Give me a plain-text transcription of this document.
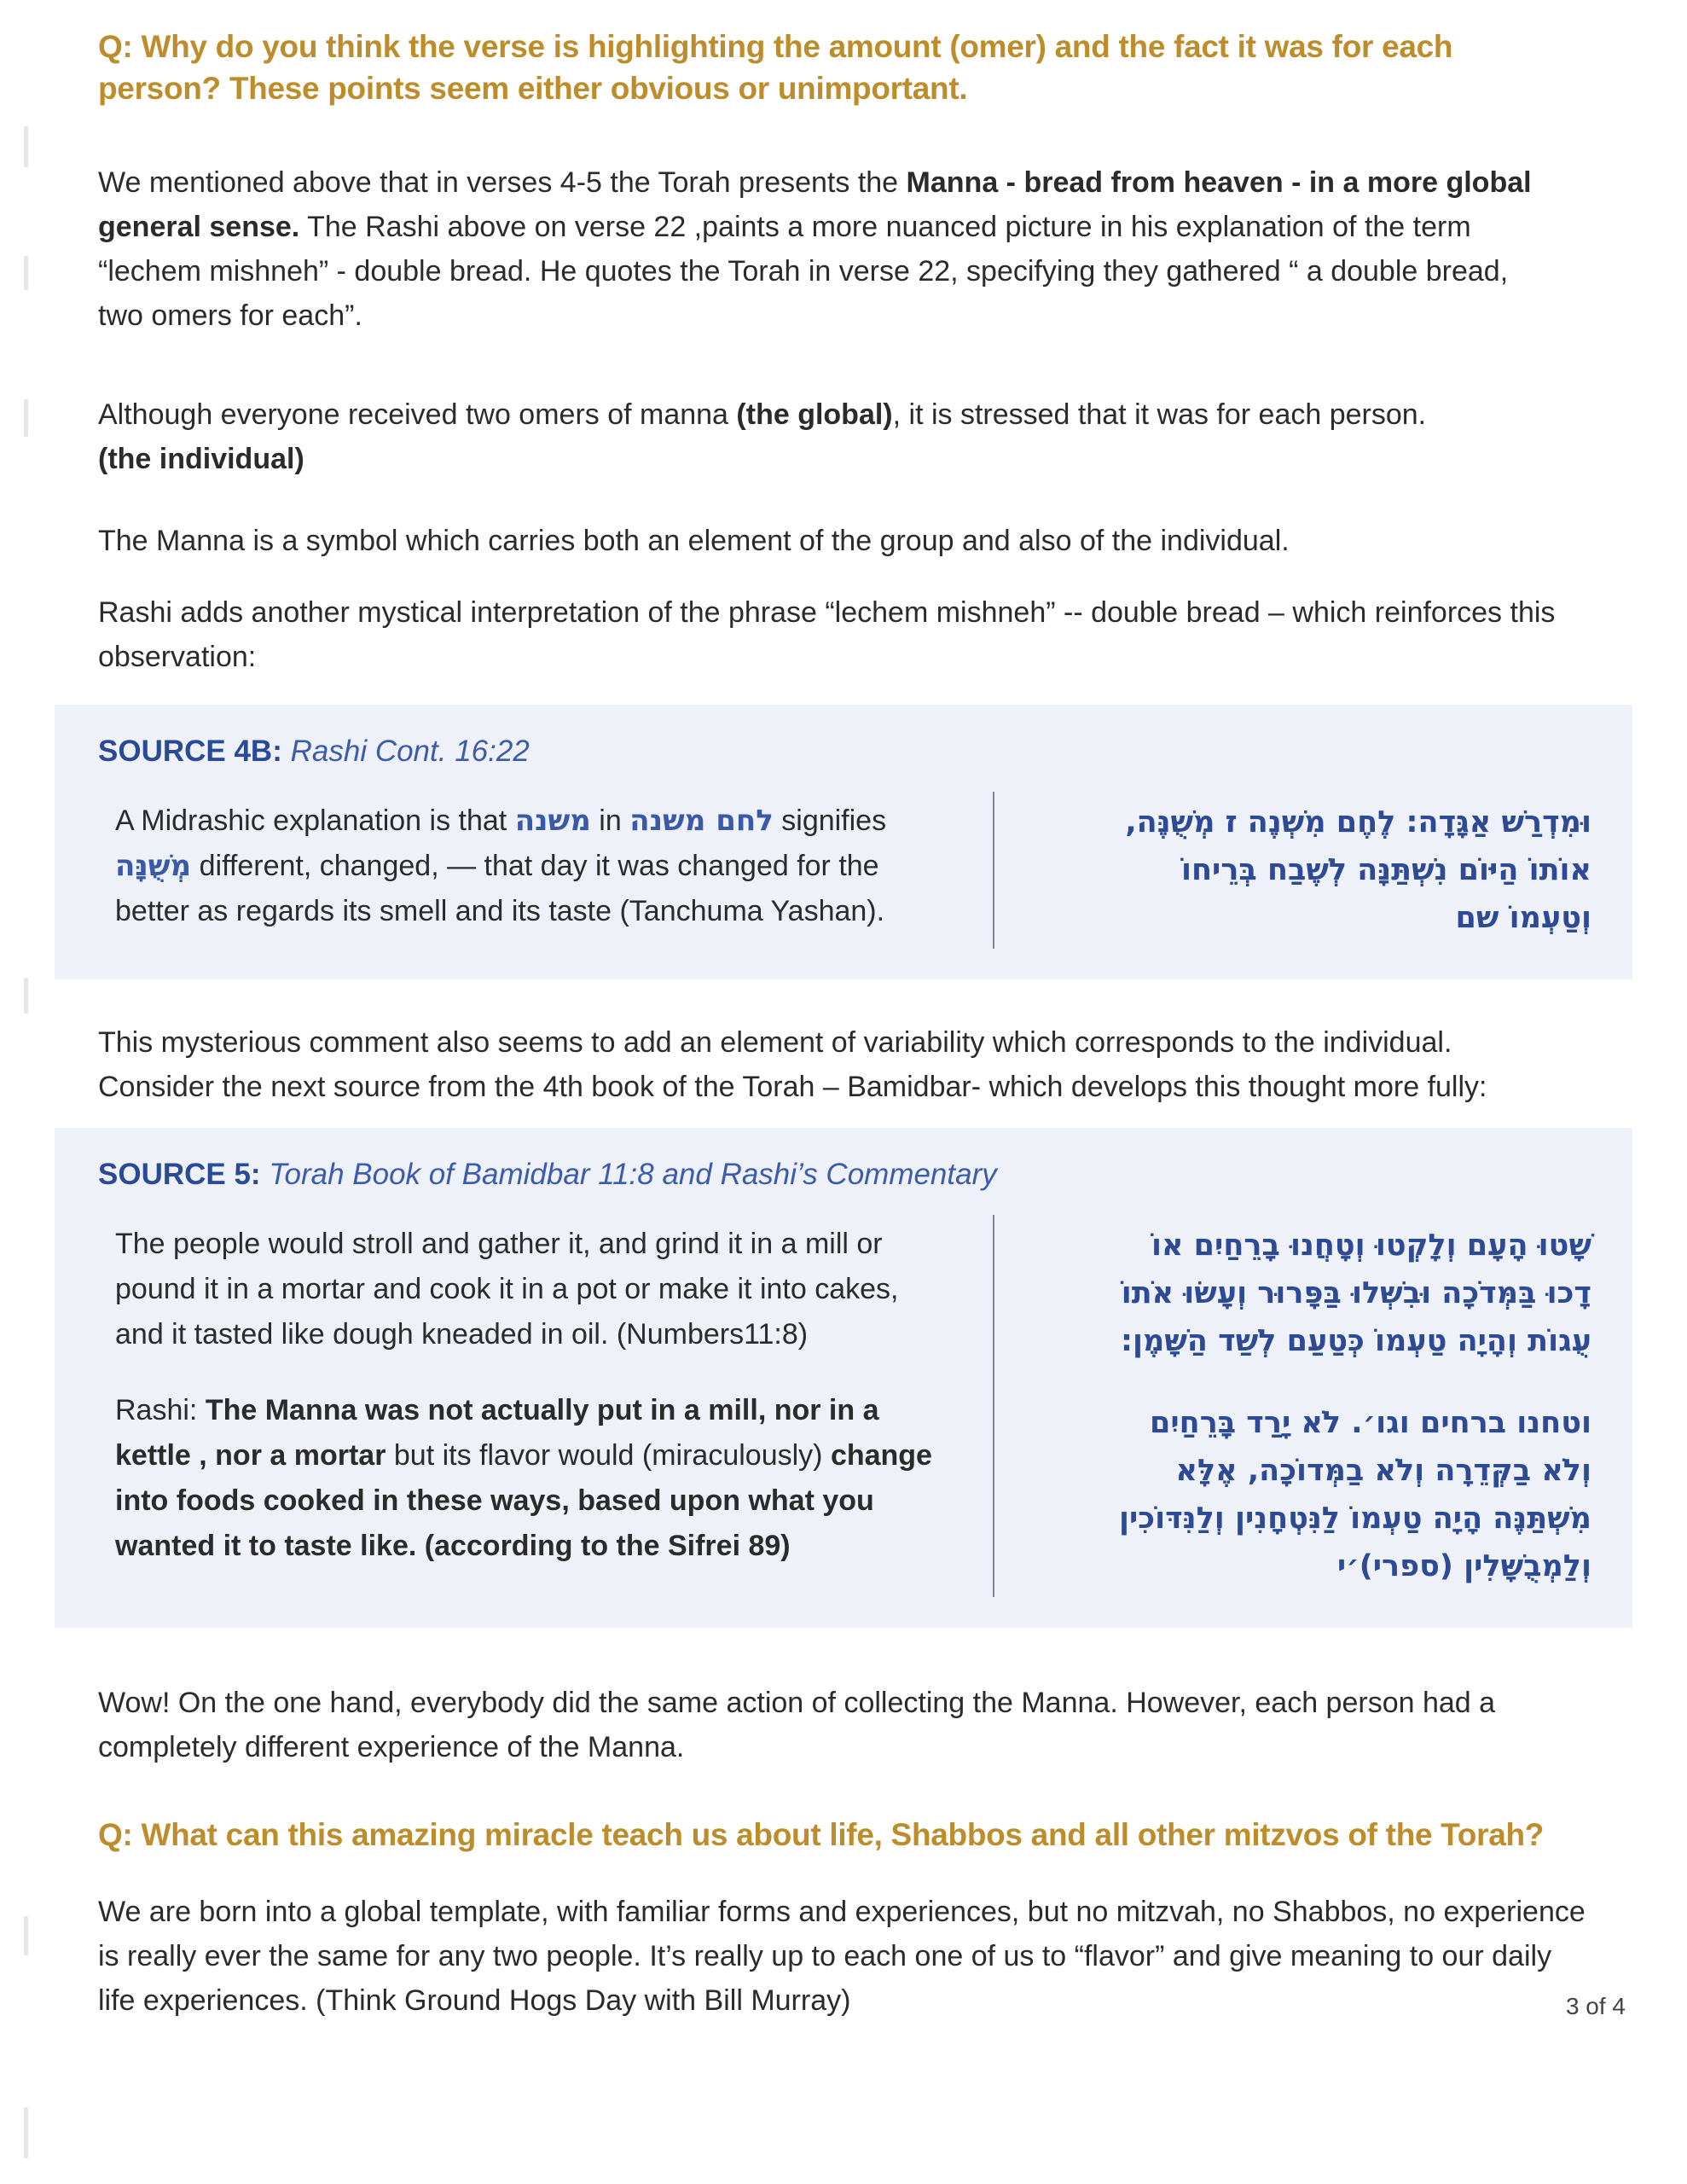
Q: Why do you think the verse is highlighting the amount (omer) and the fact it was for each person? These points seem either obvious or unimportant.

We mentioned above that in verses 4-5 the Torah presents the Manna - bread from heaven - in a more global general sense. The Rashi above on verse 22 ,paints a more nuanced picture in his explanation of the term “lechem mishneh” - double bread. He quotes the Torah in verse 22, specifying they gathered “ a double bread, two omers for each”.

Although everyone received two omers of manna (the global), it is stressed that it was for each person. (the individual)

The Manna is a symbol which carries both an element of the group and also of the individual.

Rashi adds another mystical interpretation of the phrase “lechem mishneh” -- double bread – which reinforces this observation:

SOURCE 4B: Rashi Cont. 16:22
A Midrashic explanation is that משנה in לחם משנה signifies מְשֻׁנָּה different, changed, — that day it was changed for the better as regards its smell and its taste (Tanchuma Yashan).
וּמִדְרַשׁ אַגָּדָה: לֶחֶם מִשְׁנֶה ז מְשֻׁנֶּה,
אוֹתוֹ הַיּוֹם נִשְׁתַּנָּה לְשֶׁבַח בְּרֵיחוֹ
וְטַעְמוֹ שם

This mysterious comment also seems to add an element of variability which corresponds to the individual. Consider the next source from the 4th book of the Torah – Bamidbar- which develops this thought more fully:

SOURCE 5: Torah Book of Bamidbar 11:8 and Rashi’s Commentary
The people would stroll and gather it, and grind it in a mill or pound it in a mortar and cook it in a pot or make it into cakes, and it tasted like dough kneaded in oil. (Numbers11:8)
Rashi: The Manna was not actually put in a mill, nor in a kettle , nor a mortar but its flavor would (miraculously) change into foods cooked in these ways, based upon what you wanted it to taste like. (according to the Sifrei 89)
שָׁטוּ הָעָם וְלָקְטוּ וְטָחֲנוּ בָרֵחַיִם אוֹ
דָכוּ בַּמְּדֹכָה וּבִשְּׁלוּ בַּפָּרוּר וְעָשׂוּ אֹתוֹ
עֻגוֹת וְהָיָה טַעְמוֹ כְּטַעַם לְשַׁד הַשָּׁמֶן:
וטחנו ברחים וגו׳. לֹא יָרַד בָּרֵחַיִם
וְלֹא בַקְּדֵרָה וְלֹא בַמְּדוֹכָה, אֶלָּא
מִשְׁתַּנֶּה הָיָה טַעְמוֹ לַנִּטְחָנִין וְלַנִּדּוֹכִין
וְלַמְבֻשָּׁלִין (ספרי)׳י

Wow! On the one hand, everybody did the same action of collecting the Manna. However, each person had a completely different experience of the Manna.

Q: What can this amazing miracle teach us about life, Shabbos and all other mitzvos of the Torah?

We are born into a global template, with familiar forms and experiences, but no mitzvah, no Shabbos, no experience is really ever the same for any two people. It’s really up to each one of us to “flavor” and give meaning to our daily life experiences. (Think Ground Hogs Day with Bill Murray)	3 of 4
